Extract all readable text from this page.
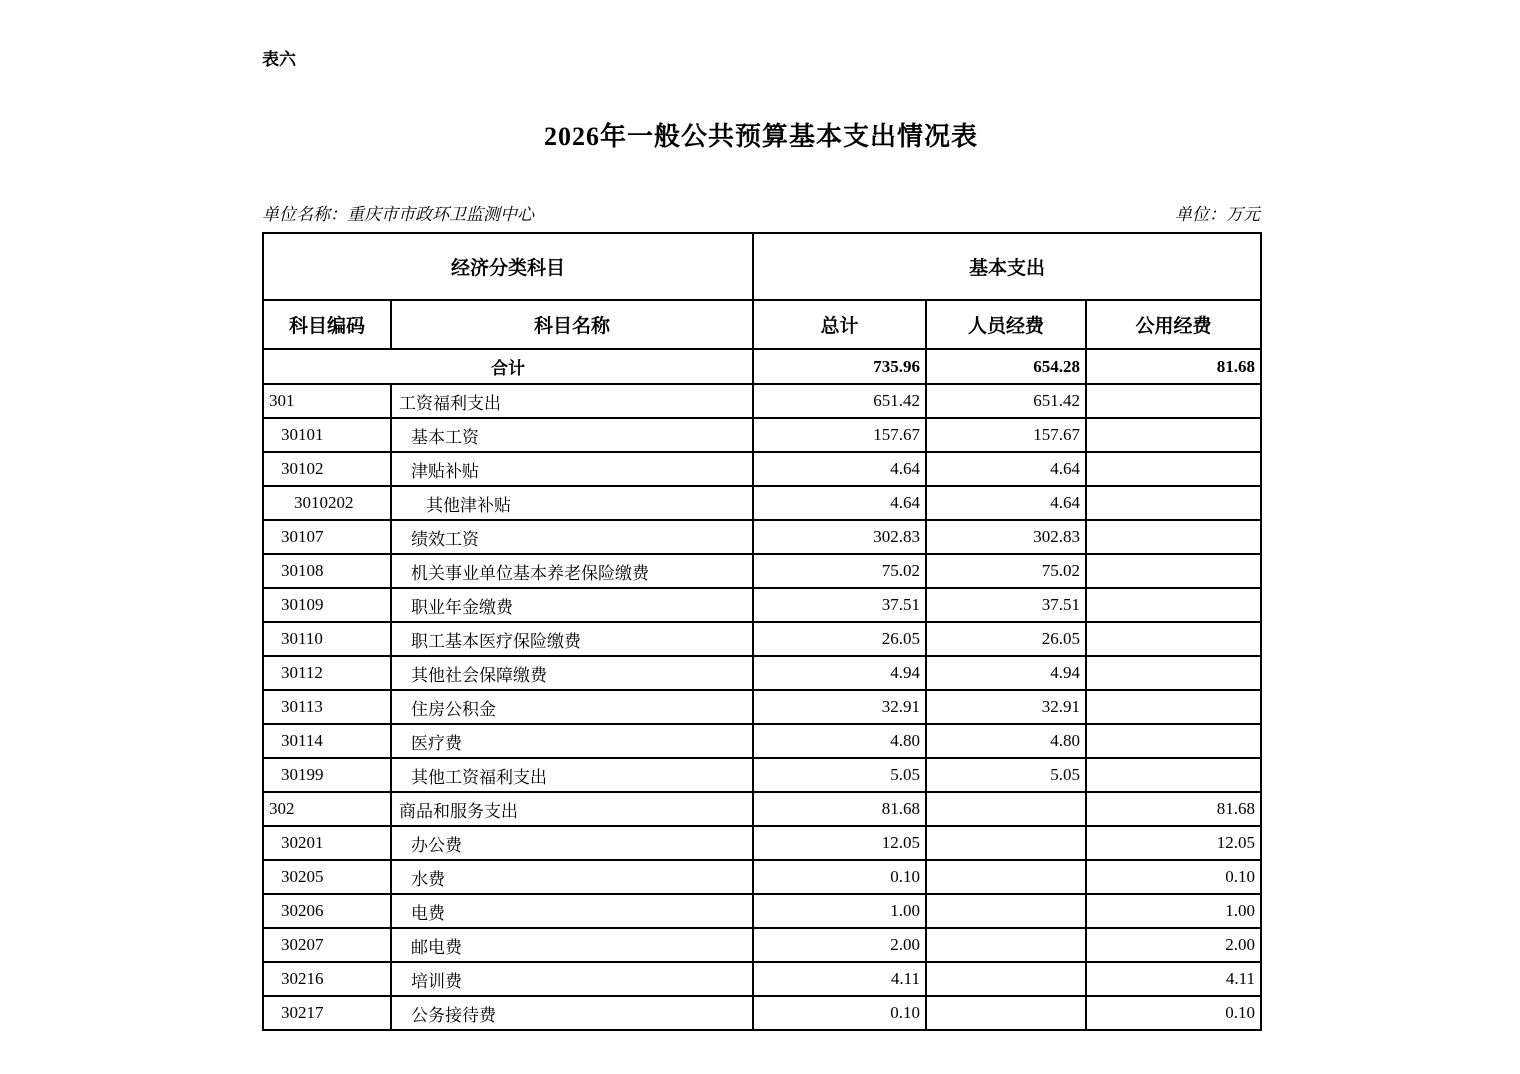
表六
2026年一般公共预算基本支出情况表
单位名称：重庆市市政环卫监测中心	单位：万元
经济分类科目		基本支出		
科目编码	科目名称	总计	人员经费	公用经费
合计		735.96	654.28	81.68
301	工资福利支出	651.42	651.42	
30101	基本工资	157.67	157.67	
30102	津贴补贴	4.64	4.64	
3010202	其他津补贴	4.64	4.64	
30107	绩效工资	302.83	302.83	
30108	机关事业单位基本养老保险缴费	75.02	75.02	
30109	职业年金缴费	37.51	37.51	
30110	职工基本医疗保险缴费	26.05	26.05	
30112	其他社会保障缴费	4.94	4.94	
30113	住房公积金	32.91	32.91	
30114	医疗费	4.80	4.80	
30199	其他工资福利支出	5.05	5.05	
302	商品和服务支出	81.68		81.68
30201	办公费	12.05		12.05
30205	水费	0.10		0.10
30206	电费	1.00		1.00
30207	邮电费	2.00		2.00
30216	培训费	4.11		4.11
30217	公务接待费	0.10		0.10
